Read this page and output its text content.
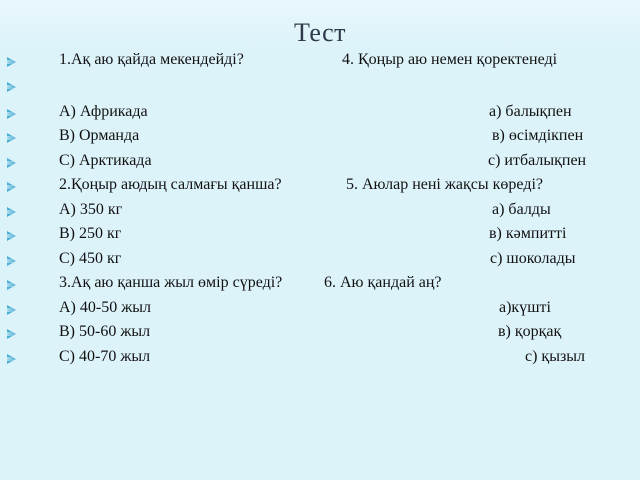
Тест
1.Ақ аю қайда мекендейді?	4. Қоңыр аю немен қоректенеді
А) Африкада	а) балықпен
В) Орманда	в) өсімдікпен
С) Арктикада	с) итбалықпен
2.Қоңыр аюдың салмағы қанша?	5. Аюлар нені жақсы көреді?
А) 350 кг	а) балды
В) 250 кг	в) кәмпитті
С) 450 кг	с) шоколады
3.Ақ аю қанша жыл өмір сүреді?	6. Аю қандай аң?
А) 40-50 жыл	а)күшті
В) 50-60 жыл	в) қорқақ
С) 40-70 жыл	с) қызыл
